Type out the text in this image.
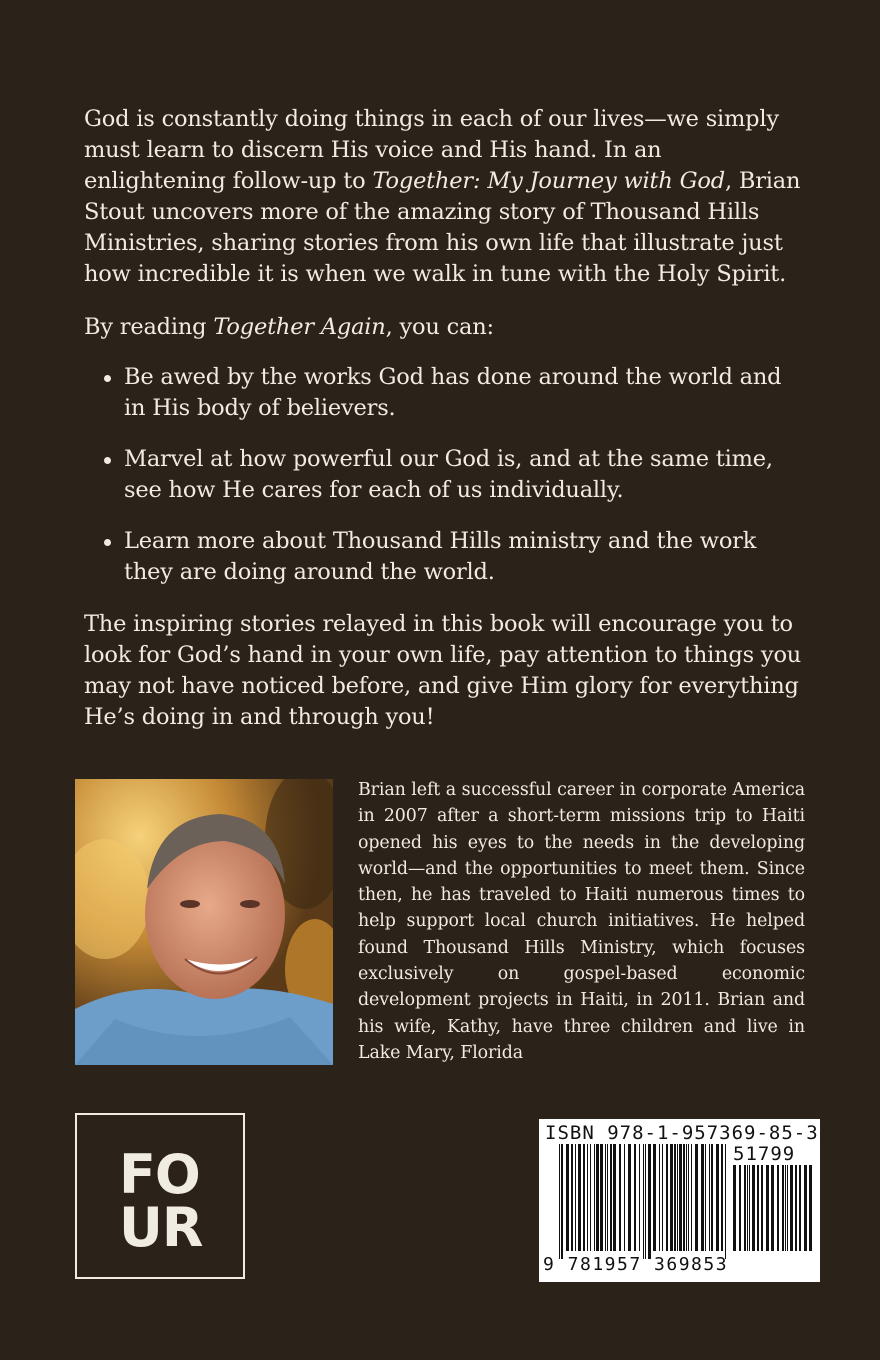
God is constantly doing things in each of our lives—we simply must learn to discern His voice and His hand. In an enlightening follow-up to Together: My Journey with God, Brian Stout uncovers more of the amazing story of Thousand Hills Ministries, sharing stories from his own life that illustrate just how incredible it is when we walk in tune with the Holy Spirit.

By reading Together Again, you can:

Be awed by the works God has done around the world and in His body of believers.
Marvel at how powerful our God is, and at the same time, see how He cares for each of us individually.
Learn more about Thousand Hills ministry and the work they are doing around the world.

The inspiring stories relayed in this book will encourage you to look for God’s hand in your own life, pay attention to things you may not have noticed before, and give Him glory for everything He’s doing in and through you!

Brian left a successful career in corporate America in 2007 after a short-term missions trip to Haiti opened his eyes to the needs in the developing world—and the opportunities to meet them. Since then, he has traveled to Haiti numerous times to help support local church initiatives. He helped found Thousand Hills Ministry, which focuses exclusively on gospel-based economic development projects in Haiti, in 2011. Brian and his wife, Kathy, have three children and live in Lake Mary, Florida

FO
UR
ISBN 978-1-957369-85-3
51799
9 781957 369853
